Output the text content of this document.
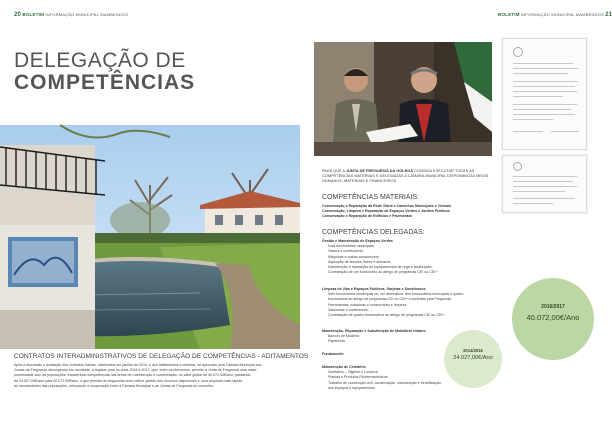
20 BOLETIM INFORMAÇÃO MUNICIPAL MAMBENDOS	BOLETIM INFORMAÇÃO MUNICIPAL MAMBENDOS 21
DELEGAÇÃO DE
COMPETÊNCIAS
CONTRATOS INTERADMINISTRATIVOS DE DELEGAÇÃO DE COMPETÊNCIAS - ADITAMENTOS
Após a discussão e avaliação dos contratos iniciais, celebrados em janeiro de 2014, e dos aditamentos a celebrar, foi aprovado pela Câmara Municipal aos
Juntas de Freguesia, abrangendo um montante, a registar para os anos 2016 e 2017, que, entre os elementos, permite à Junta de Freguesia uma maior
proximidade com as populações, transferindo competências nas áreas de manutenção e conservação, no valor global de 40.072,00€/ano, passando
de 24.027,00€/ano para 40.072,00€/ano, o que permite às freguesias uma melhor gestão dos recursos disponíveis e uma resposta mais rápida
às necessidades das populações, reforçando a cooperação entre a Câmara Municipal e as Juntas de Freguesia do concelho.
PARA QUE A JUNTA DE FREGUESIA DA GOLEGÃ CONSIGA EXECUTAR TODAS AS
COMPETÊNCIAS MATERIAIS E DELEGADAS A CÂMARA MUNICIPAL DISPONIBILIZA MEIOS
HUMANOS, MATERIAIS E FINANCEIROS.
COMPETÊNCIAS MATERIAIS:
Conservação e Reparação da Rede Viária e Caminhos Municipais e Vicinais
Conservação, Limpeza e Reparação de Espaços Verdes e Jardins Públicos
Conservação e Reparação de Edifícios e Pavimentos
COMPETÊNCIAS DELEGADAS:
Gestão e Manutenção de Espaços Verdes
Dois funcionários municipais;
Viatura e combustível;
Máquinas e outros consumíveis;
Aquisição de árvores, flores e arbustos;
Manutenção e reparação de equipamentos de rega e sinalização;
Contratação de um funcionário ao abrigo de programas CEI ou CEI+.
Limpeza de Vias e Espaços Públicos, Sarjetas e Sumidouros
Seis funcionários municipais ou, em alternativa, três funcionários municipais e quatro
funcionários ao abrigo de programas CEI ou CEI+ a contratar pela Freguesia;
Ferramentas, máquinas e consumíveis e limpeza;
Vassouras e contentores;
Contratação de quatro funcionários ao abrigo de programas CEI ou CEI+.
Manutenção, Reparação e Substituição de Mobiliário Urbano
Bancos de Madeira
Papeleiras
Fundamento
Manutenção de Cemitério
Sanitários – Higiene e Limpeza
Plantas e Produtos Fitofarmacêuticos
Trabalho de construção civil, conservação, manutenção e beneficiação
dos espaços e equipamentos.
2016/2017
40.072,00€/Ano
2014/2015
24.027,00€/Ano
